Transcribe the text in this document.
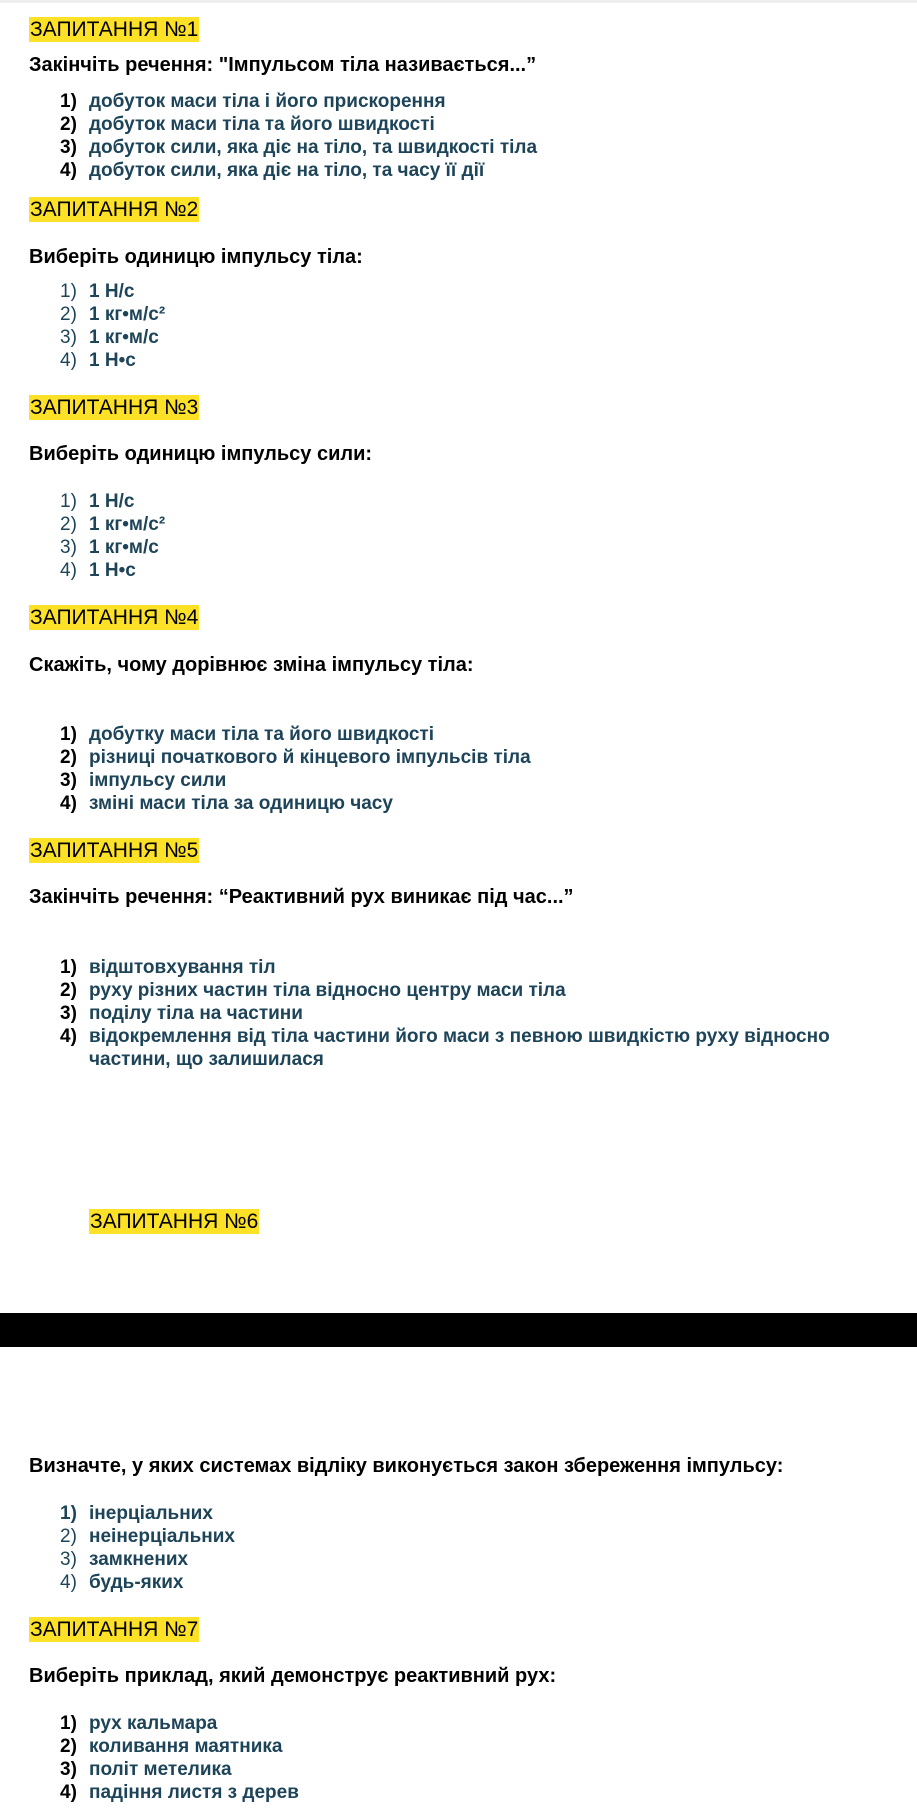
ЗАПИТАННЯ №1
Закінчіть речення: "Імпульсом тіла називається...”
1) добуток маси тіла і його прискорення
2) добуток маси тіла та його швидкості
3) добуток сили, яка діє на тіло, та швидкості тіла
4) добуток сили, яка діє на тіло, та часу її дії
ЗАПИТАННЯ №2
Виберіть одиницю імпульсу тіла:
1) 1 Н/с
2) 1 кг•м/с²
3) 1 кг•м/с
4) 1 Н•с
ЗАПИТАННЯ №3
Виберіть одиницю імпульсу сили:
1) 1 Н/с
2) 1 кг•м/с²
3) 1 кг•м/с
4) 1 Н•с
ЗАПИТАННЯ №4
Скажіть, чому дорівнює зміна імпульсу тіла:
1) добутку маси тіла та його швидкості
2) різниці початкового й кінцевого імпульсів тіла
3) імпульсу сили
4) зміні маси тіла за одиницю часу
ЗАПИТАННЯ №5
Закінчіть речення: “Реактивний рух виникає під час...”
1) відштовхування тіл
2) руху різних частин тіла відносно центру маси тіла
3) поділу тіла на частини
4) відокремлення від тіла частини його маси з певною швидкістю руху відносно частини, що залишилася
ЗАПИТАННЯ №6
Визначте, у яких системах відліку виконується закон збереження імпульсу:
1) інерціальних
2) неінерціальних
3) замкнених
4) будь-яких
ЗАПИТАННЯ №7
Виберіть приклад, який демонструє реактивний рух:
1) рух кальмара
2) коливання маятника
3) політ метелика
4) падіння листя з дерев
